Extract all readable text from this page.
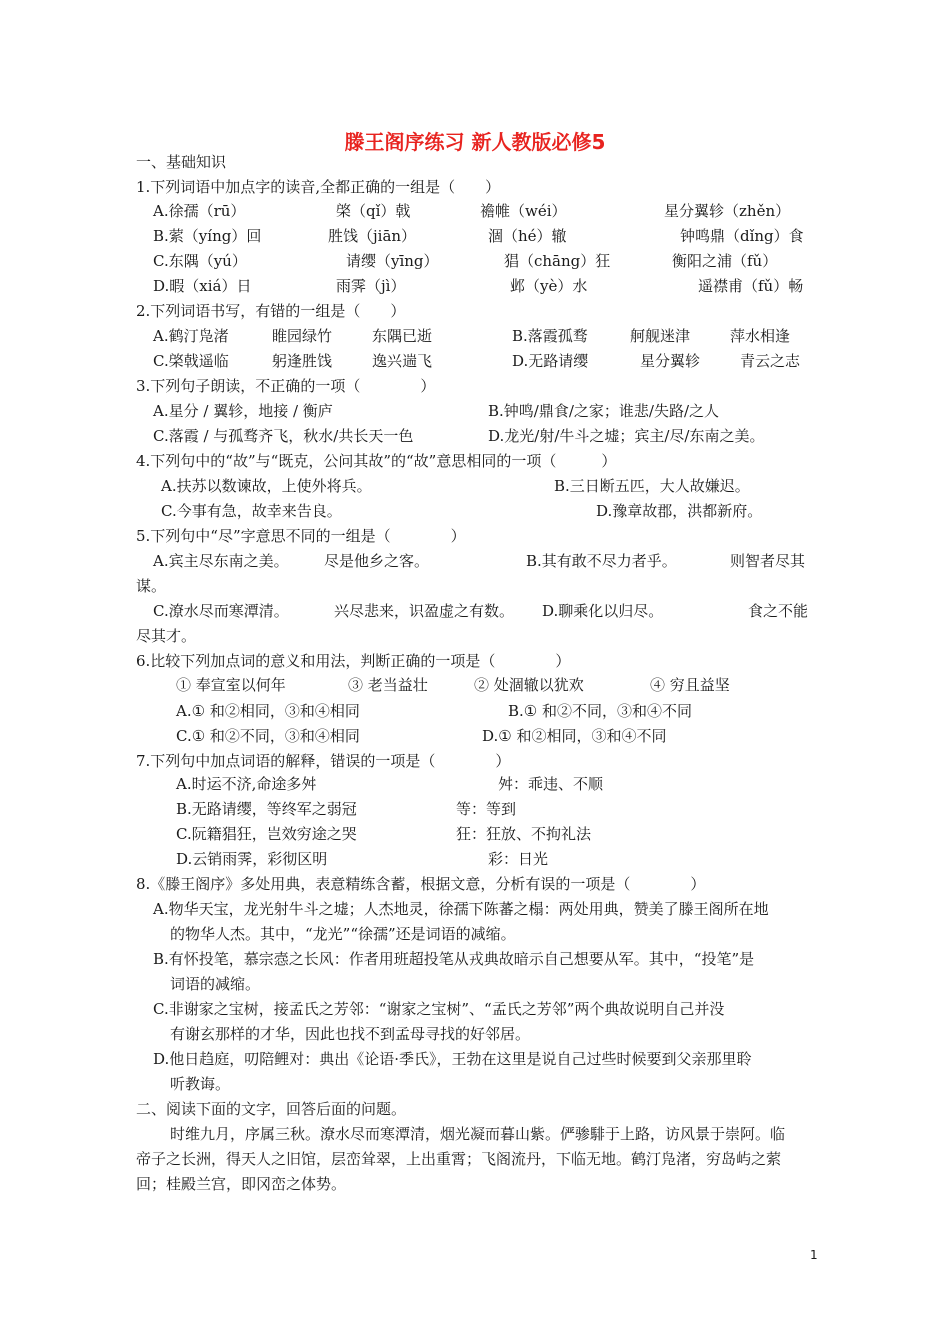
滕王阁序练习 新人教版必修5
一、基础知识
1.下列词语中加点字的读音,全都正确的一组是（　　）
A.徐孺（rū）	棨（qǐ）戟	襜帷（wéi）	星分翼轸（zhěn）
B.萦（yíng）回	胜饯（jiān）	涸（hé）辙	钟鸣鼎（dǐng）食
C.东隅（yú）	请缨（yīng）	猖（chāng）狂	衡阳之浦（fǔ）
D.暇（xiá）日	雨霁（jì）	邺（yè）水	遥襟甫（fǔ）畅
2.下列词语书写，有错的一组是（　　）
A.鹤汀凫渚	睢园绿竹	东隅已逝	B.落霞孤骛	舸舰迷津	萍水相逢
C.棨戟遥临	躬逢胜饯	逸兴遄飞	D.无路请缨	星分翼轸	青云之志
3.下列句子朗读，不正确的一项（　　　　）
A.星分 / 翼轸，地接 / 衡庐	B.钟鸣/鼎食/之家；谁悲/失路/之人
C.落霞 / 与孤骛齐飞，秋水/共长天一色	D.龙光/射/牛斗之墟；宾主/尽/东南之美。
4.下列句中的“故”与“既克，公问其故”的“故”意思相同的一项（　　　）
A.扶苏以数谏故，上使外将兵。	B.三日断五匹，大人故嫌迟。
C.今事有急，故幸来告良。	D.豫章故郡，洪都新府。
5.下列句中“尽”字意思不同的一组是（　　　　）
A.宾主尽东南之美。 尽是他乡之客。	B.其有敢不尽力者乎。	则智者尽其
谋。
C.潦水尽而寒潭清。	兴尽悲来，识盈虚之有数。 D.聊乘化以归尽。	食之不能
尽其才。
6.比较下列加点词的意义和用法，判断正确的一项是（　　　　）
① 奉宣室以何年	③ 老当益壮	② 处涸辙以犹欢	④ 穷且益坚
A.① 和②相同，③和④相同	B.① 和②不同，③和④不同
C.① 和②不同，③和④相同	D.① 和②相同，③和④不同
7.下列句中加点词语的解释，错误的一项是（　　　　）
A.时运不济,命途多舛	舛：乖违、不顺
B.无路请缨，等终军之弱冠	等：等到
C.阮籍猖狂，岂效穷途之哭	狂：狂放、不拘礼法
D.云销雨霁，彩彻区明	彩：日光
8.《滕王阁序》多处用典，表意精练含蓄，根据文意，分析有误的一项是（　　　　）
A.物华天宝，龙光射牛斗之墟；人杰地灵，徐孺下陈蕃之榻：两处用典，赞美了滕王阁所在地
的物华人杰。其中，“龙光”“徐孺”还是词语的减缩。
B.有怀投笔，慕宗悫之长风：作者用班超投笔从戎典故暗示自己想要从军。其中，“投笔”是
词语的减缩。
C.非谢家之宝树，接孟氏之芳邻：“谢家之宝树”、“孟氏之芳邻”两个典故说明自己并没
有谢玄那样的才华，因此也找不到孟母寻找的好邻居。
D.他日趋庭，叨陪鲤对：典出《论语·季氏》，王勃在这里是说自己过些时候要到父亲那里聆
听教诲。
二、阅读下面的文字，回答后面的问题。
时维九月，序属三秋。潦水尽而寒潭清，烟光凝而暮山紫。俨骖騑于上路，访风景于崇阿。临
帝子之长洲，得天人之旧馆，层峦耸翠，上出重霄；飞阁流丹，下临无地。鹤汀凫渚，穷岛屿之萦
回；桂殿兰宫，即冈峦之体势。
1
